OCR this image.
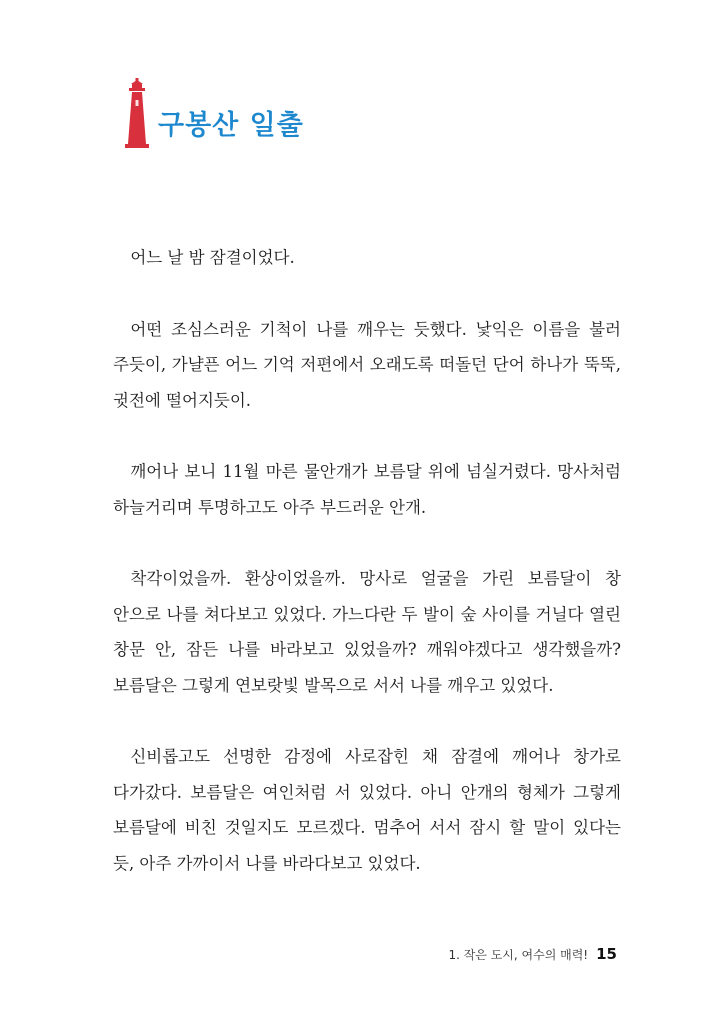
구봉산 일출

어느 날 밤 잠결이었다.

어떤 조심스러운 기척이 나를 깨우는 듯했다. 낯익은 이름을 불러 주듯이, 가냘픈 어느 기억 저편에서 오래도록 떠돌던 단어 하나가 뚝뚝, 귓전에 떨어지듯이.

깨어나 보니 11월 마른 물안개가 보름달 위에 넘실거렸다. 망사처럼 하늘거리며 투명하고도 아주 부드러운 안개.

착각이었을까. 환상이었을까. 망사로 얼굴을 가린 보름달이 창 안으로 나를 쳐다보고 있었다. 가느다란 두 발이 숲 사이를 거닐다 열린 창문 안, 잠든 나를 바라보고 있었을까? 깨워야겠다고 생각했을까? 보름달은 그렇게 연보랏빛 발목으로 서서 나를 깨우고 있었다.

신비롭고도 선명한 감정에 사로잡힌 채 잠결에 깨어나 창가로 다가갔다. 보름달은 여인처럼 서 있었다. 아니 안개의 형체가 그렇게 보름달에 비친 것일지도 모르겠다. 멈추어 서서 잠시 할 말이 있다는 듯, 아주 가까이서 나를 바라다보고 있었다.

1. 작은 도시, 여수의 매력! 15
